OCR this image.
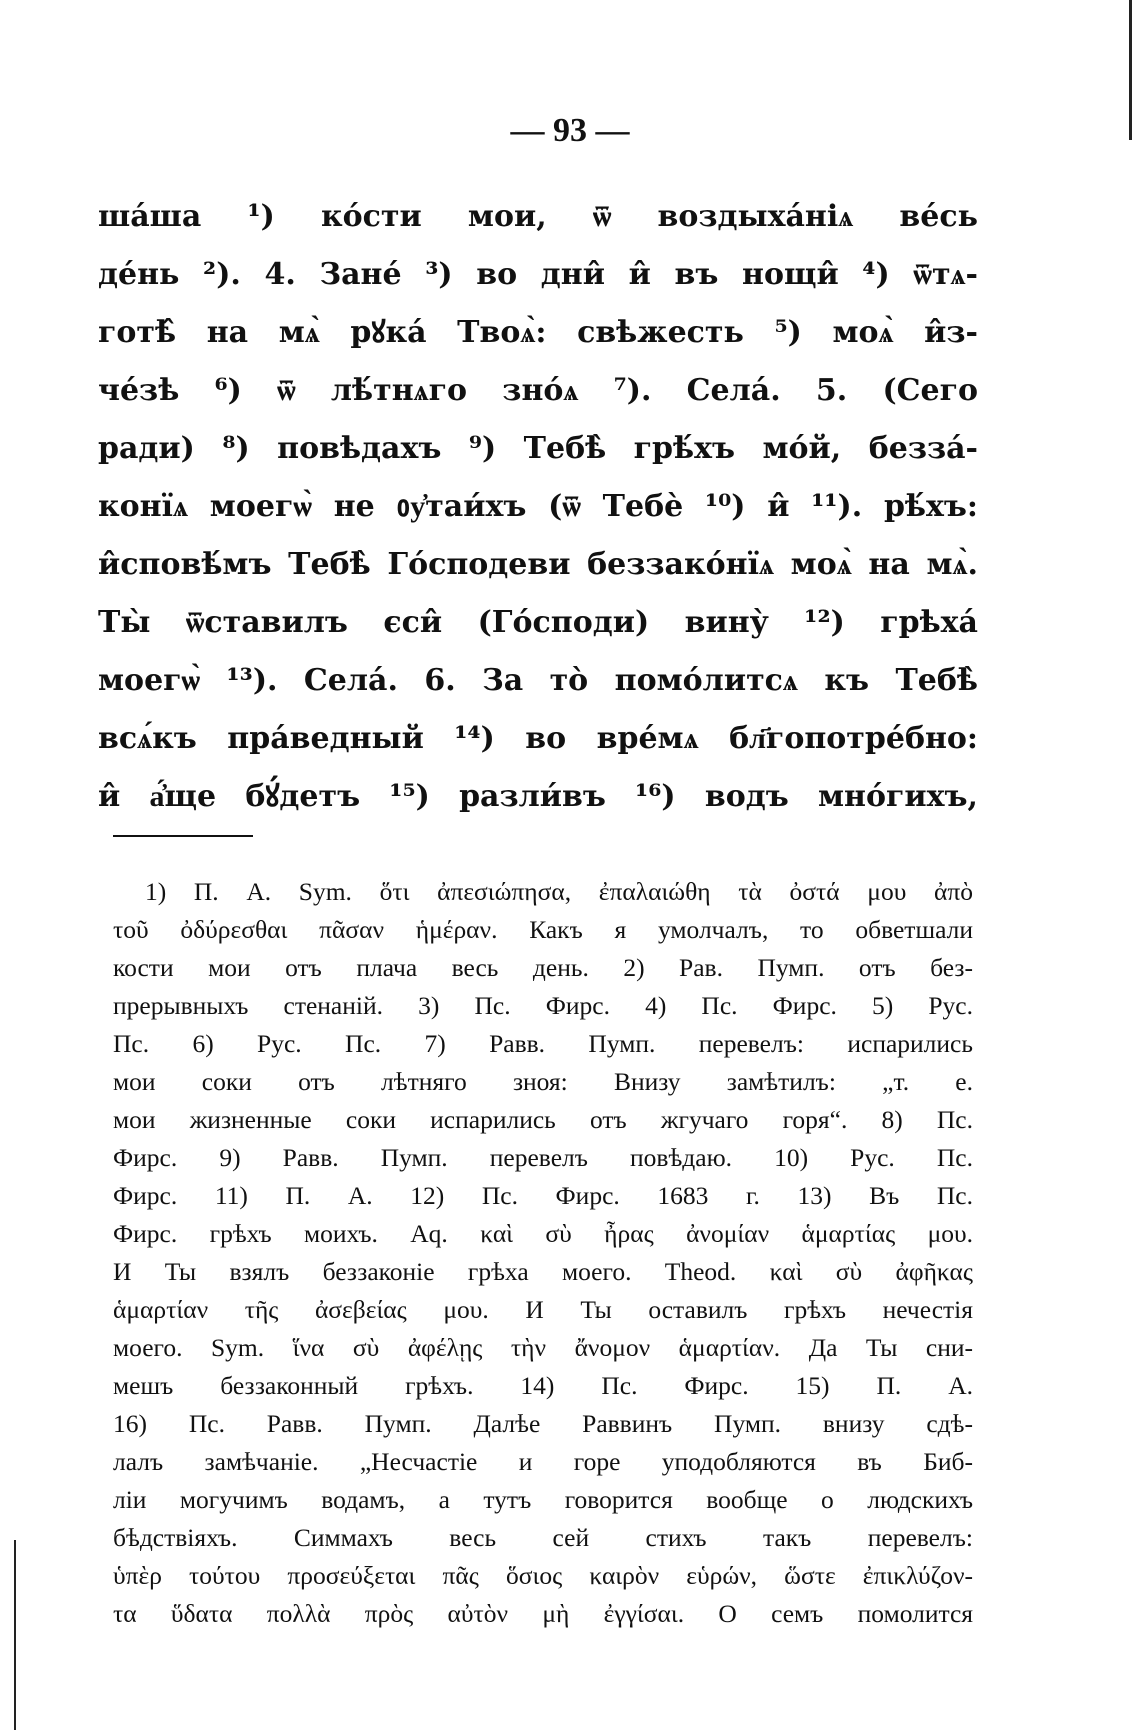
— 93 —
шáша ¹) кóсти мои, ѿ воздыхáніѧ вéсь
дéнь ²). 4. Занé ³) во дни̂ и̂ въ нощи̂ ⁴) ѿтѧ-
готѣ̂ на мѧ̀ рꙋкá Твоѧ̀: свѣжесть ⁵) моѧ̀ и̂з-
чéзѣ ⁶) ѿ лѣ́тнѧго знóѧ ⁷). Селá. 5. (Сего
ради) ⁸) повѣдахъ ⁹) Тебѣ̀ грѣ́хъ мóй, беззá-
конїѧ моегѡ̀ не ᲂу҆таи́хъ (ѿ Тебѐ ¹⁰) и̂ ¹¹). рѣ́хъ:
и̂сповѣ́мъ Тебѣ̀ Гóсподеви беззакóнїѧ моѧ̀ на мѧ̀.
Ты̀ ѿставилъ єси̂ (Гóсподи) вину̀ ¹²) грѣхá
моегѡ̀ ¹³). Селá. 6. За тò помóлитсѧ къ Тебѣ̀
всѧ́къ прáведный ¹⁴) во врéмѧ бл҃гопотрéбно:
и̂ а҆́ще бꙋ́детъ ¹⁵) разли́въ ¹⁶) водъ мнóгихъ,
1) П. А. Sym. ὅτι ἀπεσιώπησα, ἐπαλαιώθη τὰ ὀστά μου ἀπὸ
τοῦ ὀδύρεσθαι πᾶσαν ἡμέραν. Какъ я умолчалъ, то обветшали
кости мои отъ плача весь день. 2) Рав. Пумп. отъ без-
прерывныхъ стенаній. 3) Пс. Фирс. 4) Пс. Фирс. 5) Рус.
Пс. 6) Рус. Пс. 7) Равв. Пумп. перевелъ: испарились
мои соки отъ лѣтняго зноя: Внизу замѣтилъ: „т. е.
мои жизненные соки испарились отъ жгучаго горя“. 8) Пс.
Фирс. 9) Равв. Пумп. перевелъ повѣдаю. 10) Рус. Пс.
Фирс. 11) П. А. 12) Пс. Фирс. 1683 г. 13) Въ Пс.
Фирс. грѣхъ моихъ. Aq. καὶ σὺ ἦρας ἀνομίαν ἁμαρτίας μου.
И Ты взялъ беззаконіе грѣха моего. Theod. καὶ σὺ ἀφῆκας
ἁμαρτίαν τῆς ἀσεβείας μου. И Ты оставилъ грѣхъ нечестія
моего. Sym. ἵνα σὺ ἀφέλῃς τὴν ἄνομον ἁμαρτίαν. Да Ты сни-
мешъ беззаконный грѣхъ. 14) Пс. Фирс. 15) П. А.
16) Пс. Равв. Пумп. Далѣе Раввинъ Пумп. внизу сдѣ-
лалъ замѣчаніе. „Несчастіе и горе уподобляются въ Биб-
ліи могучимъ водамъ, а тутъ говорится вообще о людскихъ
бѣдствіяхъ. Симмахъ весь сей стихъ такъ перевелъ:
ὑπὲρ τούτου προσεύξεται πᾶς ὅσιος καιρὸν εὑρών, ὥστε ἐπικλύζον-
τα ὕδατα πολλὰ πρὸς αὐτὸν μὴ ἐγγίσαι. О семъ помолится
